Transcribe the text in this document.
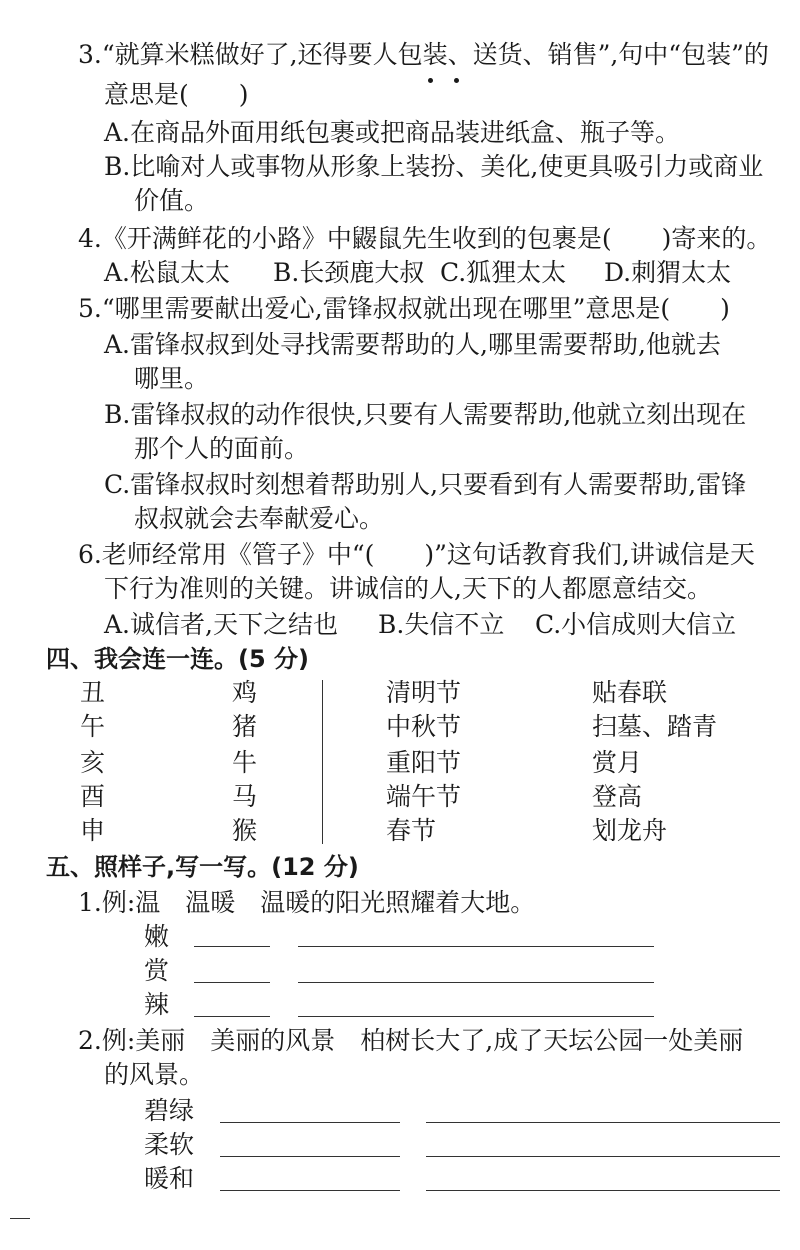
3.“就算米糕做好了,还得要人包装、送货、销售”,句中“包装”的
意思是(　　)
A.在商品外面用纸包裹或把商品装进纸盒、瓶子等。
B.比喻对人或事物从形象上装扮、美化,使更具吸引力或商业
价值。
4.《开满鲜花的小路》中鼹鼠先生收到的包裹是(　　)寄来的。
A.松鼠太太 B.长颈鹿大叔 C.狐狸太太 D.刺猬太太
5.“哪里需要献出爱心,雷锋叔叔就出现在哪里”意思是(　　)
A.雷锋叔叔到处寻找需要帮助的人,哪里需要帮助,他就去
哪里。
B.雷锋叔叔的动作很快,只要有人需要帮助,他就立刻出现在
那个人的面前。
C.雷锋叔叔时刻想着帮助别人,只要看到有人需要帮助,雷锋
叔叔就会去奉献爱心。
6.老师经常用《管子》中“(　　)”这句话教育我们,讲诚信是天
下行为准则的关键。讲诚信的人,天下的人都愿意结交。
A.诚信者,天下之结也 B.失信不立 C.小信成则大信立
四、我会连一连。(5 分)
丑
午
亥
酉
申
鸡
猪
牛
马
猴
清明节
中秋节
重阳节
端午节
春节
贴春联
扫墓、踏青
赏月
登高
划龙舟
五、照样子,写一写。(12 分)
1.例:温　温暖　温暖的阳光照耀着大地。
嫩
赏
辣
2.例:美丽　美丽的风景　柏树长大了,成了天坛公园一处美丽
的风景。
碧绿
柔软
暖和
